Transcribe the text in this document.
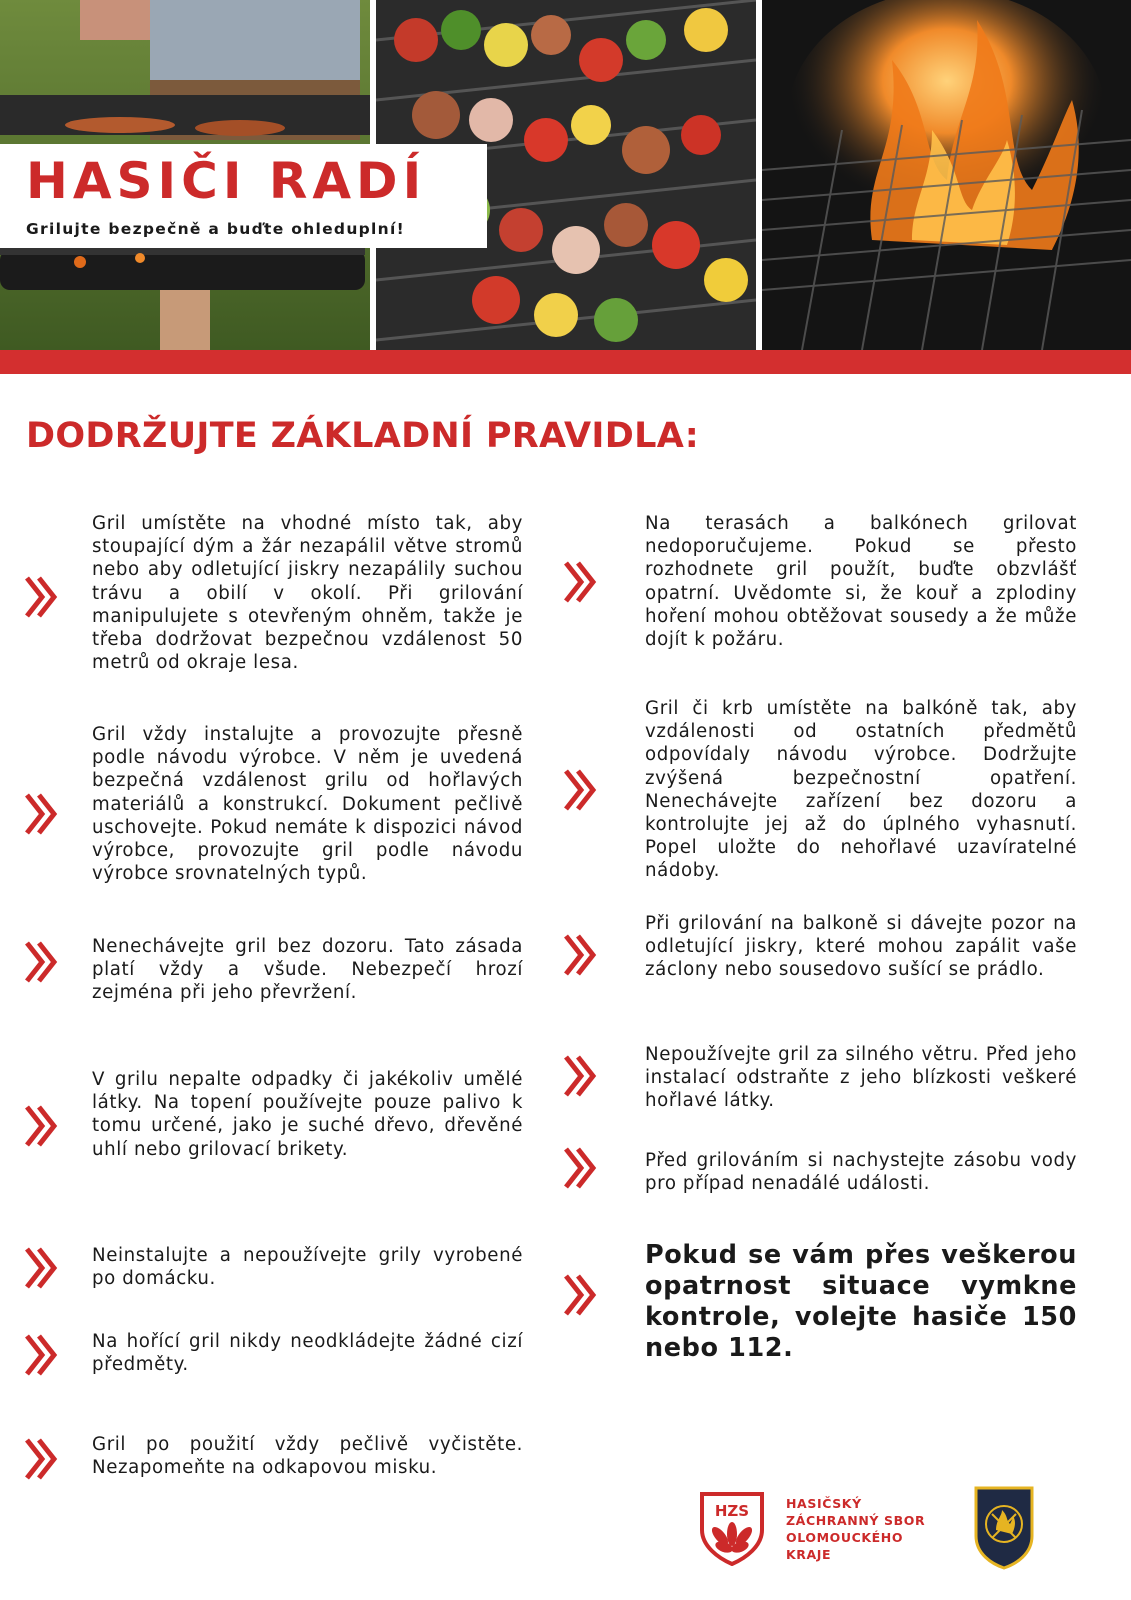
HASIČI RADÍ
Grilujte bezpečně a buďte ohleduplní!
DODRŽUJTE ZÁKLADNÍ PRAVIDLA:
Gril umístěte na vhodné místo tak, aby stoupající dým a žár nezapálil větve stromů nebo aby odletující jiskry nezapálily suchou trávu a obilí v okolí. Při grilování manipulujete s otevřeným ohněm, takže je třeba dodržovat bezpečnou vzdálenost 50 metrů od okraje lesa.
Gril vždy instalujte a provozujte přesně podle návodu výrobce. V něm je uvedená bezpečná vzdálenost grilu od hořlavých materiálů a konstrukcí. Dokument pečlivě uschovejte. Pokud nemáte k dispozici návod výrobce, provozujte gril podle návodu výrobce srovnatelných typů.
Nenechávejte gril bez dozoru. Tato zásada platí vždy a všude. Nebezpečí hrozí zejména při jeho převržení.
V grilu nepalte odpadky či jakékoliv umělé látky. Na topení používejte pouze palivo k tomu určené, jako je suché dřevo, dřevěné uhlí nebo grilovací brikety.
Neinstalujte a nepoužívejte grily vyrobené po domácku.
Na hořící gril nikdy neodkládejte žádné cizí předměty.
Gril po použití vždy pečlivě vyčistěte. Nezapomeňte na odkapovou misku.
Na terasách a balkónech grilovat nedoporučujeme. Pokud se přesto rozhodnete gril použít, buďte obzvlášť opatrní. Uvědomte si, že kouř a zplodiny hoření mohou obtěžovat sousedy a že může dojít k požáru.
Gril či krb umístěte na balkóně tak, aby vzdálenosti od ostatních předmětů odpovídaly návodu výrobce. Dodržujte zvýšená bezpečnostní opatření. Nenechávejte zařízení bez dozoru a kontrolujte jej až do úplného vyhasnutí. Popel uložte do nehořlavé uzavíratelné nádoby.
Při grilování na balkoně si dávejte pozor na odletující jiskry, které mohou zapálit vaše záclony nebo sousedovo sušící se prádlo.
Nepoužívejte gril za silného větru. Před jeho instalací odstraňte z jeho blízkosti veškeré hořlavé látky.
Před grilováním si nachystejte zásobu vody pro případ nenadálé události.
Pokud se vám přes veškerou opatrnost situace vymkne kontrole, volejte hasiče 150 nebo 112.
HZS	HASIČSKÝ
ZÁCHRANNÝ SBOR
OLOMOUCKÉHO
KRAJE
